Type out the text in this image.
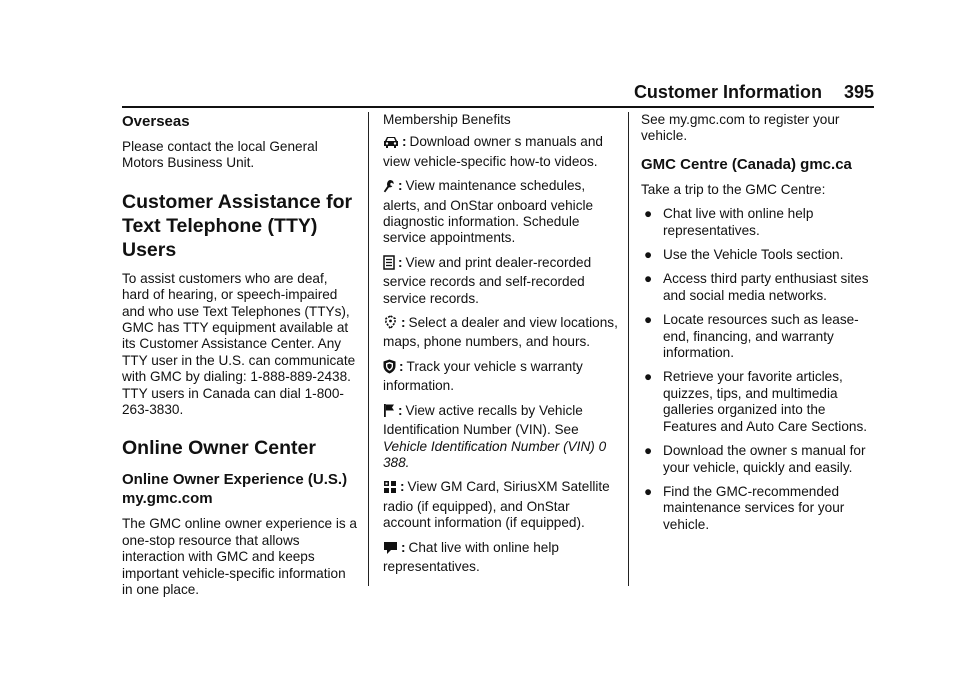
Customer Information 395
Overseas

Please contact the local General Motors Business Unit.

Customer Assistance for Text Telephone (TTY) Users

To assist customers who are deaf, hard of hearing, or speech-impaired and who use Text Telephones (TTYs), GMC has TTY equipment available at its Customer Assistance Center. Any TTY user in the U.S. can communicate with GMC by dialing: 1-888-889-2438. TTY users in Canada can dial 1-800-263-3830.

Online Owner Center
Online Owner Experience (U.S.) my.gmc.com

The GMC online owner experience is a one-stop resource that allows interaction with GMC and keeps important vehicle-specific information in one place.

Membership Benefits
: Download owner s manuals and view vehicle-specific how-to videos.
: View maintenance schedules, alerts, and OnStar onboard vehicle diagnostic information. Schedule service appointments.
: View and print dealer-recorded service records and self-recorded service records.
: Select a dealer and view locations, maps, phone numbers, and hours.
: Track your vehicle s warranty information.
: View active recalls by Vehicle Identification Number (VIN). See Vehicle Identification Number (VIN) 0 388.
: View GM Card, SiriusXM Satellite radio (if equipped), and OnStar account information (if equipped).
: Chat live with online help representatives.

See my.gmc.com to register your vehicle.

GMC Centre (Canada) gmc.ca

Take a trip to the GMC Centre:

● Chat live with online help representatives.
● Use the Vehicle Tools section.
● Access third party enthusiast sites and social media networks.
● Locate resources such as lease-end, financing, and warranty information.
● Retrieve your favorite articles, quizzes, tips, and multimedia galleries organized into the Features and Auto Care Sections.
● Download the owner s manual for your vehicle, quickly and easily.
● Find the GMC-recommended maintenance services for your vehicle.
